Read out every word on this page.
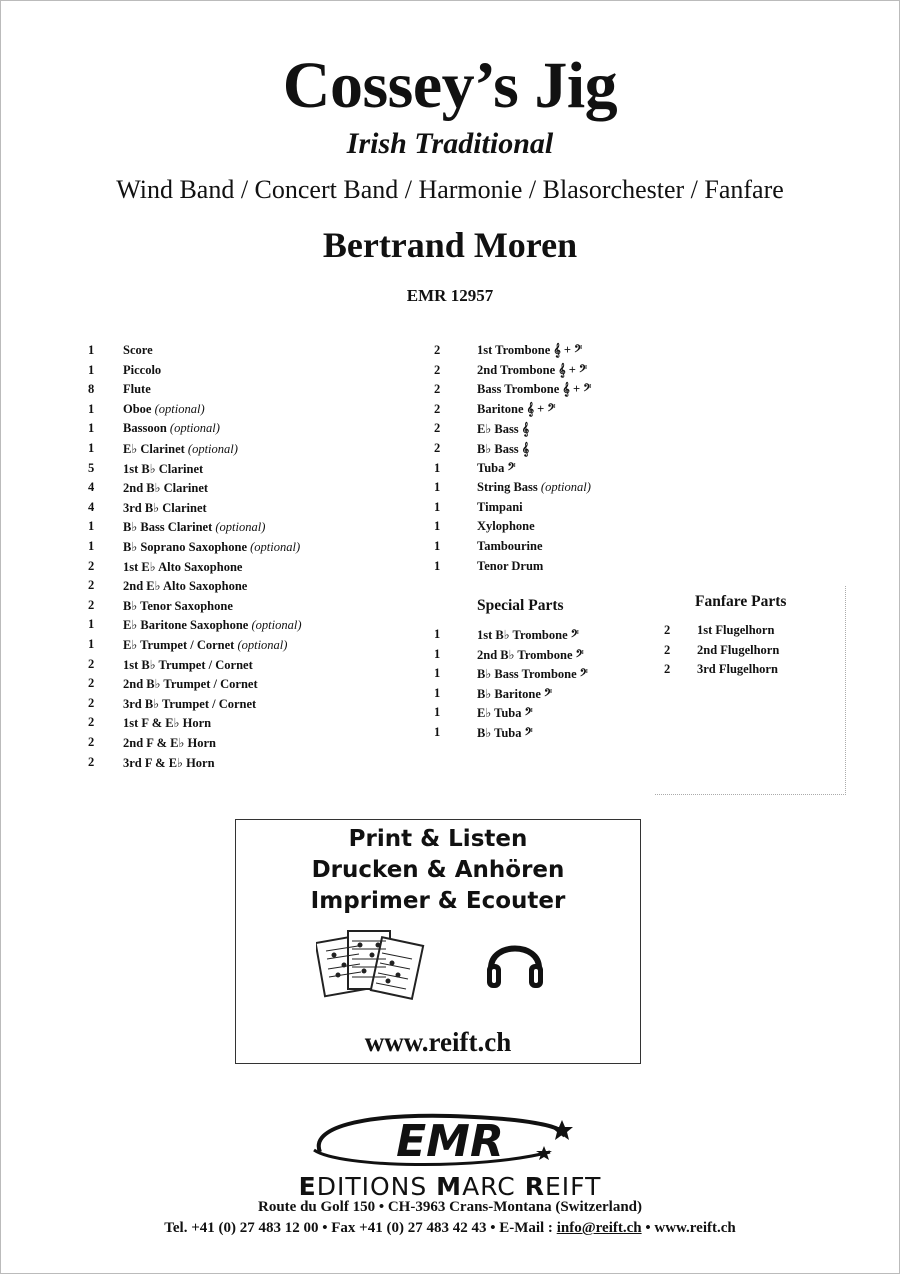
Cossey’s Jig
Irish Traditional
Wind Band / Concert Band / Harmonie / Blasorchester / Fanfare
Bertrand Moren
EMR 12957
1	Score
1	Piccolo
8	Flute
1	Oboe (optional)
1	Bassoon (optional)
1	E♭ Clarinet (optional)
5	1st B♭ Clarinet
4	2nd B♭ Clarinet
4	3rd B♭ Clarinet
1	B♭ Bass Clarinet (optional)
1	B♭ Soprano Saxophone (optional)
2	1st E♭ Alto Saxophone
2	2nd E♭ Alto Saxophone
2	B♭ Tenor Saxophone
1	E♭ Baritone Saxophone (optional)
1	E♭ Trumpet / Cornet (optional)
2	1st B♭ Trumpet / Cornet
2	2nd B♭ Trumpet / Cornet
2	3rd B♭ Trumpet / Cornet
2	1st F & E♭ Horn
2	2nd F & E♭ Horn
2	3rd F & E♭ Horn
2	1st Trombone 𝄞 + 𝄢
2	2nd Trombone 𝄞 + 𝄢
2	Bass Trombone 𝄞 + 𝄢
2	Baritone 𝄞 + 𝄢
2	E♭ Bass 𝄞
2	B♭ Bass 𝄞
1	Tuba 𝄢
1	String Bass (optional)
1	Timpani
1	Xylophone
1	Tambourine
1	Tenor Drum
Special Parts
1	1st B♭ Trombone 𝄢
1	2nd B♭ Trombone 𝄢
1	B♭ Bass Trombone 𝄢
1	B♭ Baritone 𝄢
1	E♭ Tuba 𝄢
1	B♭ Tuba 𝄢
Fanfare Parts
2	1st Flugelhorn
2	2nd Flugelhorn
2	3rd Flugelhorn
Print & Listen
Drucken & Anhören
Imprimer & Ecouter
www.reift.ch
EMR
EDITIONS MARC REIFT
Route du Golf 150 • CH-3963 Crans-Montana (Switzerland)
Tel. +41 (0) 27 483 12 00 • Fax +41 (0) 27 483 42 43 • E-Mail : info@reift.ch • www.reift.ch
